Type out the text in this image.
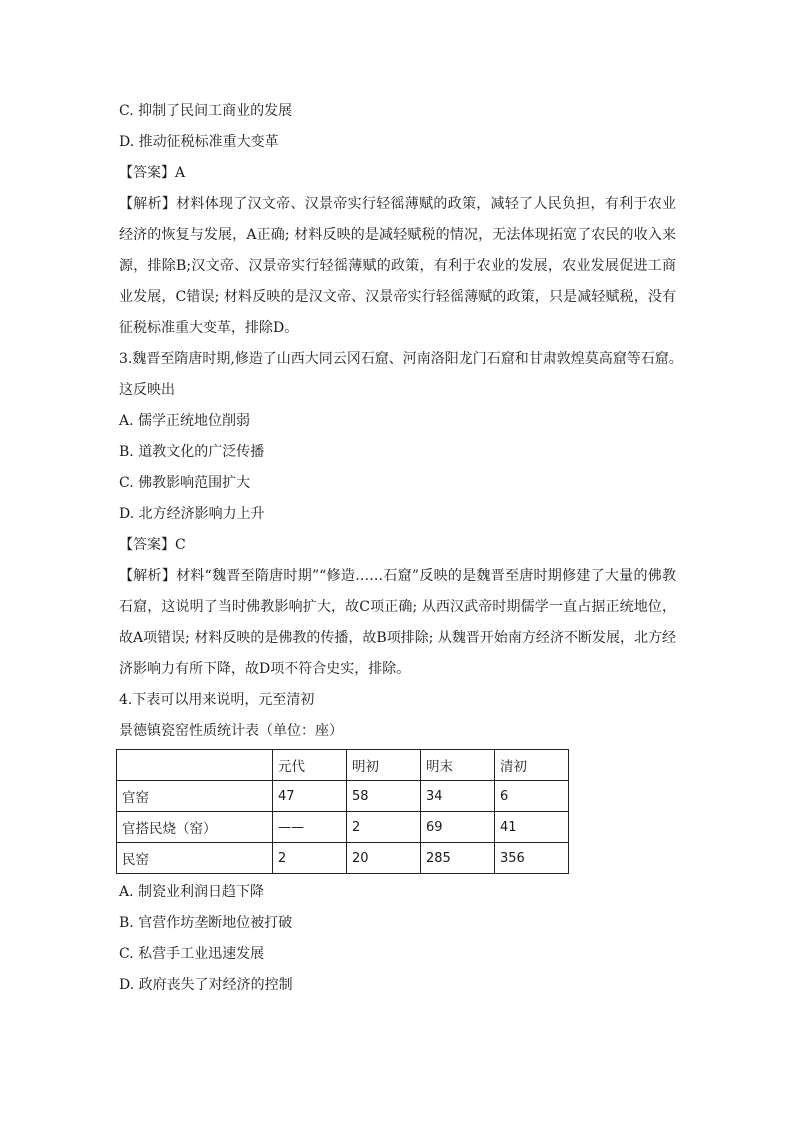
C. 抑制了民间工商业的发展
D. 推动征税标准重大变革
【答案】A
【解析】材料体现了汉文帝、汉景帝实行轻徭薄赋的政策，减轻了人民负担，有利于农业经济的恢复与发展，A正确; 材料反映的是减轻赋税的情况，无法体现拓宽了农民的收入来源，排除B;汉文帝、汉景帝实行轻徭薄赋的政策，有利于农业的发展，农业发展促进工商业发展，C错误; 材料反映的是汉文帝、汉景帝实行轻徭薄赋的政策，只是减轻赋税，没有征税标准重大变革，排除D。
3.魏晋至隋唐时期,修造了山西大同云冈石窟、河南洛阳龙门石窟和甘肃敦煌莫高窟等石窟。
这反映出
A. 儒学正统地位削弱
B. 道教文化的广泛传播
C. 佛教影响范围扩大
D. 北方经济影响力上升
【答案】C
【解析】材料“魏晋至隋唐时期”“修造……石窟”反映的是魏晋至唐时期修建了大量的佛教石窟，这说明了当时佛教影响扩大，故C项正确; 从西汉武帝时期儒学一直占据正统地位，故A项错误; 材料反映的是佛教的传播，故B项排除; 从魏晋开始南方经济不断发展，北方经济影响力有所下降，故D项不符合史实，排除。
4.下表可以用来说明，元至清初
景德镇瓷窑性质统计表（单位：座）
	元代	明初	明末	清初
官窑	47	58	34	6
官搭民烧（窑）	——	2	69	41
民窑	2	20	285	356
A. 制瓷业利润日趋下降
B. 官营作坊垄断地位被打破
C. 私营手工业迅速发展
D. 政府丧失了对经济的控制
